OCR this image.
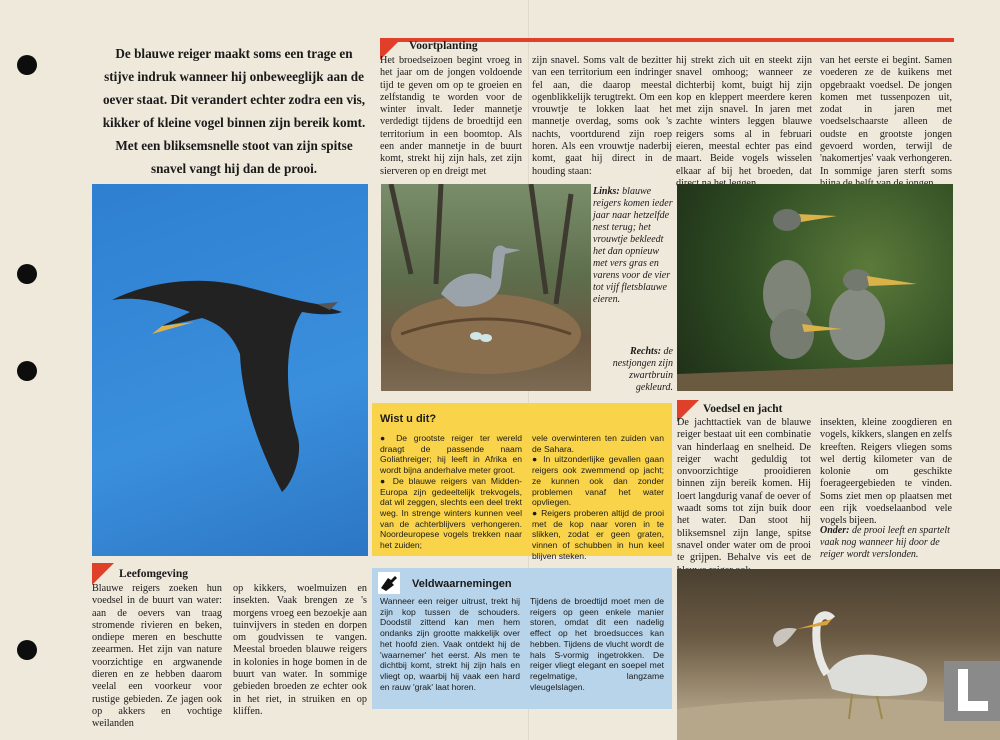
De blauwe reiger maakt soms een trage en stijve indruk wanneer hij onbeweeglijk aan de oever staat. Dit verandert echter zodra een vis, kikker of kleine vogel binnen zijn bereik komt. Met een bliksemsnelle stoot van zijn spitse snavel vangt hij dan de prooi.
Voortplanting
Het broedseizoen begint vroeg in het jaar om de jongen voldoende tijd te geven om op te groeien en zelfstandig te worden voor de winter invalt. Ieder mannetje verdedigt tijdens de broedtijd een territorium in een boomtop. Als een ander mannetje in de buurt komt, strekt hij zijn hals, zet zijn sierveren op en dreigt met
zijn snavel. Soms valt de bezitter van een territorium een indringer fel aan, die daarop meestal ogenblikkelijk terugtrekt. Om een vrouwtje te lokken laat het mannetje overdag, soms ook 's nachts, voortdurend zijn roep horen. Als een vrouwtje naderbij komt, gaat hij direct in de houding staan:
hij strekt zich uit en steekt zijn snavel omhoog; wanneer ze dichterbij komt, buigt hij zijn kop en kleppert meerdere keren met zijn snavel. In jaren met zachte winters leggen blauwe reigers soms al in februari eieren, meestal echter pas eind maart. Beide vogels wisselen elkaar af bij het broeden, dat
van het eerste ei begint. Samen voederen ze de kuikens met opgebraakt voedsel. De jongen komen met tussenpozen uit, zodat in jaren met voedselschaarste alleen de oudste en grootste jongen gevoerd worden, terwijl de 'nakomertjes' vaak verhongeren. In sommige jaren sterft soms
Links: blauwe reigers komen ieder jaar naar hetzelfde nest terug; het vrouwtje bekleedt het dan opnieuw met vers gras en varens voor de vier tot vijf fletsblauwe eieren.
Rechts: de nestjongen zijn zwartbruin gekleurd.
Wist u dit?
● De grootste reiger ter wereld draagt de passende naam Goliathreiger; hij leeft in Afrika en wordt bijna anderhalve meter groot.
● De blauwe reigers van Midden-Europa zijn gedeeltelijk trekvogels, dat wil zeggen, slechts een deel trekt weg. In strenge winters kunnen veel van de achterblijvers verhongeren. Noordeuropese vogels trekken naar het zuiden;
vele overwinteren ten zuiden van de Sahara.
● In uitzonderlijke gevallen gaan reigers ook zwemmend op jacht; ze kunnen ook dan zonder problemen vanaf het water opvliegen.
● Reigers proberen altijd de prooi met de kop naar voren in te slikken, zodat er geen graten, vinnen of schubben in hun keel blijven steken.
Veldwaarnemingen
Wanneer een reiger uitrust, trekt hij zijn kop tussen de schouders. Doodstil zittend kan men hem ondanks zijn grootte makkelijk over het hoofd zien. Vaak ontdekt hij de 'waarnemer' het eerst. Als men te dichtbij komt, strekt hij zijn hals en vliegt op, waarbij hij vaak een hard en rauw 'grak' laat horen.
Tijdens de broedtijd moet men de reigers op geen enkele manier storen, omdat dit een nadelig effect op het broedsucces kan hebben. Tijdens de vlucht wordt de hals S-vormig ingetrokken. De reiger vliegt elegant en soepel met regelmatige, langzame vleugelslagen.
Leefomgeving
Blauwe reigers zoeken hun voedsel in de buurt van water: aan de oevers van traag stromende rivieren en beken, ondiepe meren en beschutte zeearmen. Het zijn van nature voorzichtige en argwanende dieren en ze hebben daarom veelal een voorkeur voor rustige gebieden. Ze jagen ook op akkers en vochtige weilanden
op kikkers, woelmuizen en insekten. Vaak brengen ze 's morgens vroeg een bezoekje aan tuinvijvers in steden en dorpen om goudvissen te vangen. Meestal broeden blauwe reigers in kolonies in hoge bomen in de buurt van water. In sommige gebieden broeden ze echter ook in het riet, in struiken en op kliffen.
Voedsel en jacht
De jachttactiek van de blauwe reiger bestaat uit een combinatie van hinderlaag en snelheid. De reiger wacht geduldig tot onvoorzichtige prooidieren binnen zijn bereik komen. Hij loert langdurig vanaf de oever of waadt soms tot zijn buik door het water. Dan stoot hij bliksemsnel zijn lange, spitse snavel onder water om de prooi te grijpen. Behalve vis eet de
insekten, kleine zoogdieren en vogels, kikkers, slangen en zelfs kreeften. Reigers vliegen soms wel dertig kilometer van de kolonie om geschikte foerageergebieden te vinden. Soms ziet men op plaatsen met een rijk voedselaanbod vele vogels bijeen.
Onder: de prooi leeft en spartelt vaak nog wanneer hij door de reiger wordt verslonden.
